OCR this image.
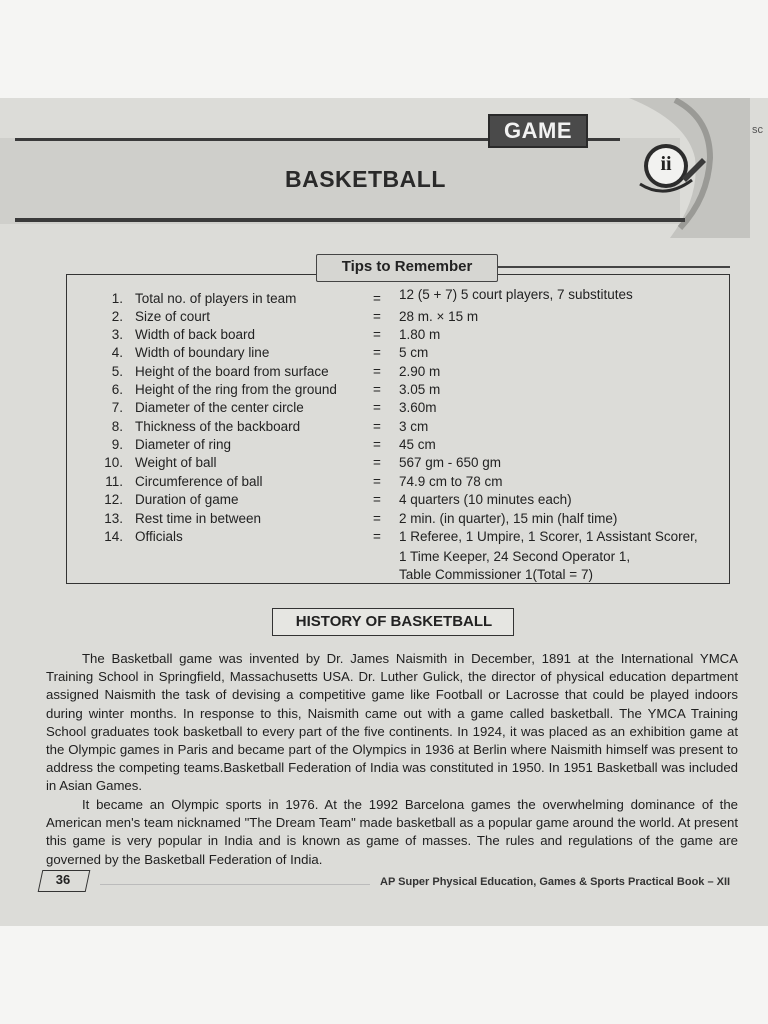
ii
GAME	sc
BASKETBALL
1. Total no. of players in team	= 12 (5 + 7) 5 court players, 7 substitutes
2. Size of court	= 28 m. × 15 m
3. Width of back board	= 1.80 m
4. Width of boundary line	= 5 cm
5. Height of the board from surface	= 2.90 m
6. Height of the ring from the ground	= 3.05 m
7. Diameter of the center circle	= 3.60m
8. Thickness of the backboard	= 3 cm
9. Diameter of ring	= 45 cm
10. Weight of ball	= 567 gm - 650 gm
11. Circumference of ball	= 74.9 cm to 78 cm
12. Duration of game	= 4 quarters (10 minutes each)
13. Rest time in between	= 2 min. (in quarter), 15 min (half time)
14. Officials	= 1 Referee, 1 Umpire, 1 Scorer, 1 Assistant Scorer,
1 Time Keeper, 24 Second Operator 1,
Table Commissioner 1(Total = 7)
Tips to Remember
HISTORY OF BASKETBALL
The Basketball game was invented by Dr. James Naismith in December, 1891 at the International YMCA Training School in Springfield, Massachusetts USA. Dr. Luther Gulick, the director of physical education department assigned Naismith the task of devising a competitive game like Football or Lacrosse that could be played indoors during winter months. In response to this, Naismith came out with a game called basketball. The YMCA Training School graduates took basketball to every part of the five continents. In 1924, it was placed as an exhibition game at the Olympic games in Paris and became part of the Olympics in 1936 at Berlin where Naismith himself was present to address the competing teams.Basketball Federation of India was constituted in 1950. In 1951 Basketball was included in Asian Games.
It became an Olympic sports in 1976. At the 1992 Barcelona games the overwhelming dominance of the American men's team nicknamed "The Dream Team" made basketball as a popular game around the world. At present this game is very popular in India and is known as game of masses. The rules and regulations of the game are governed by the Basketball Federation of India.
36	AP Super Physical Education, Games & Sports Practical Book – XII
